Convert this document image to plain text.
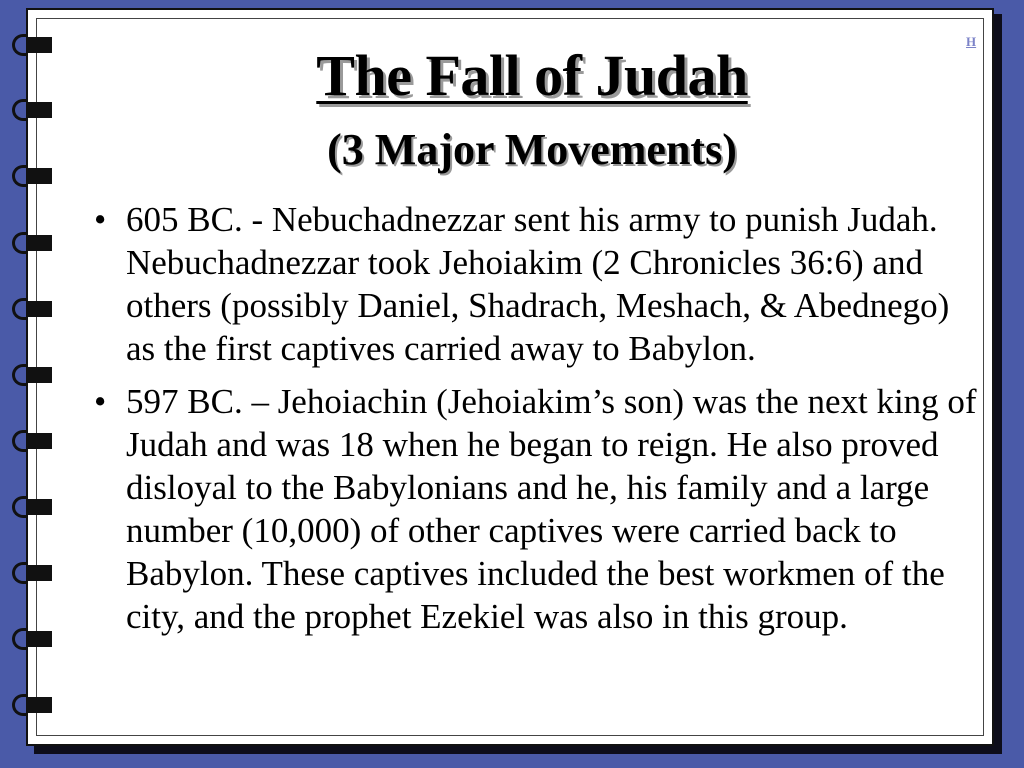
H
The Fall of Judah
(3 Major Movements)
• 605 BC. - Nebuchadnezzar sent his army to punish Judah. Nebuchadnezzar took Jehoiakim (2 Chronicles 36:6) and others (possibly Daniel, Shadrach, Meshach, & Abednego) as the first captives carried away to Babylon.
• 597 BC. – Jehoiachin (Jehoiakim’s son) was the next king of Judah and was 18 when he began to reign. He also proved disloyal to the Babylonians and he, his family and a large number (10,000) of other captives were carried back to Babylon. These captives included the best workmen of the city, and the prophet Ezekiel was also in this group.
